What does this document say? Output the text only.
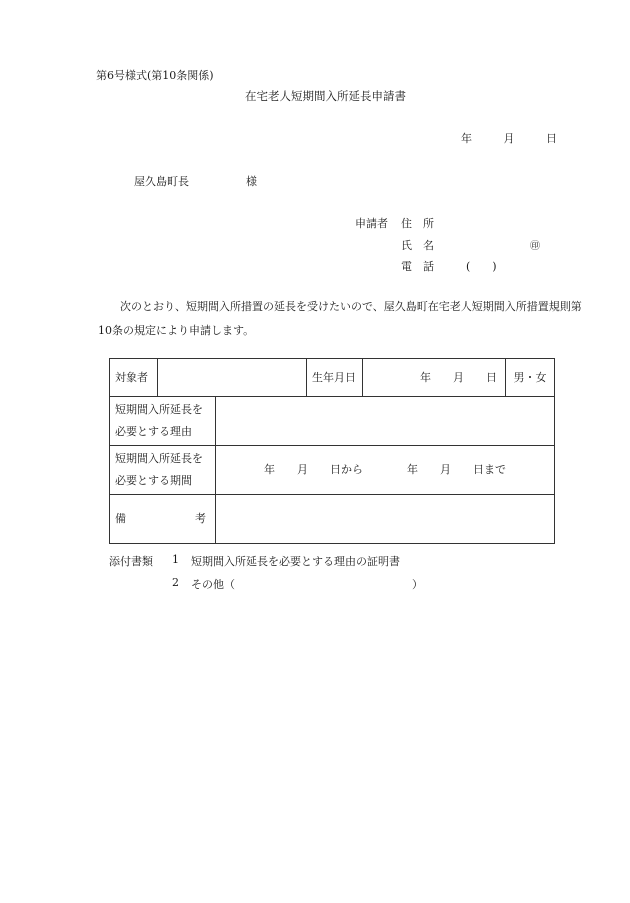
第6号様式(第10条関係)
在宅老人短期間入所延長申請書
年	月	日
屋久島町長	様
申請者 住 所
氏 名	㊞
電 話	(　　)
次のとおり、短期間入所措置の延長を受けたいので、屋久島町在宅老人短期間入所措置規則第10条の規定により申請します。
対象者			生年月日	年　　月　　日	男・女

短期間入所延長を
必要とする理由					

短期間入所延長を
必要とする期間		年　　月　　日から　　　　年　　月　　日まで			

備 考					

添付書類 1 短期間入所延長を必要とする理由の証明書
2 その他（	）
